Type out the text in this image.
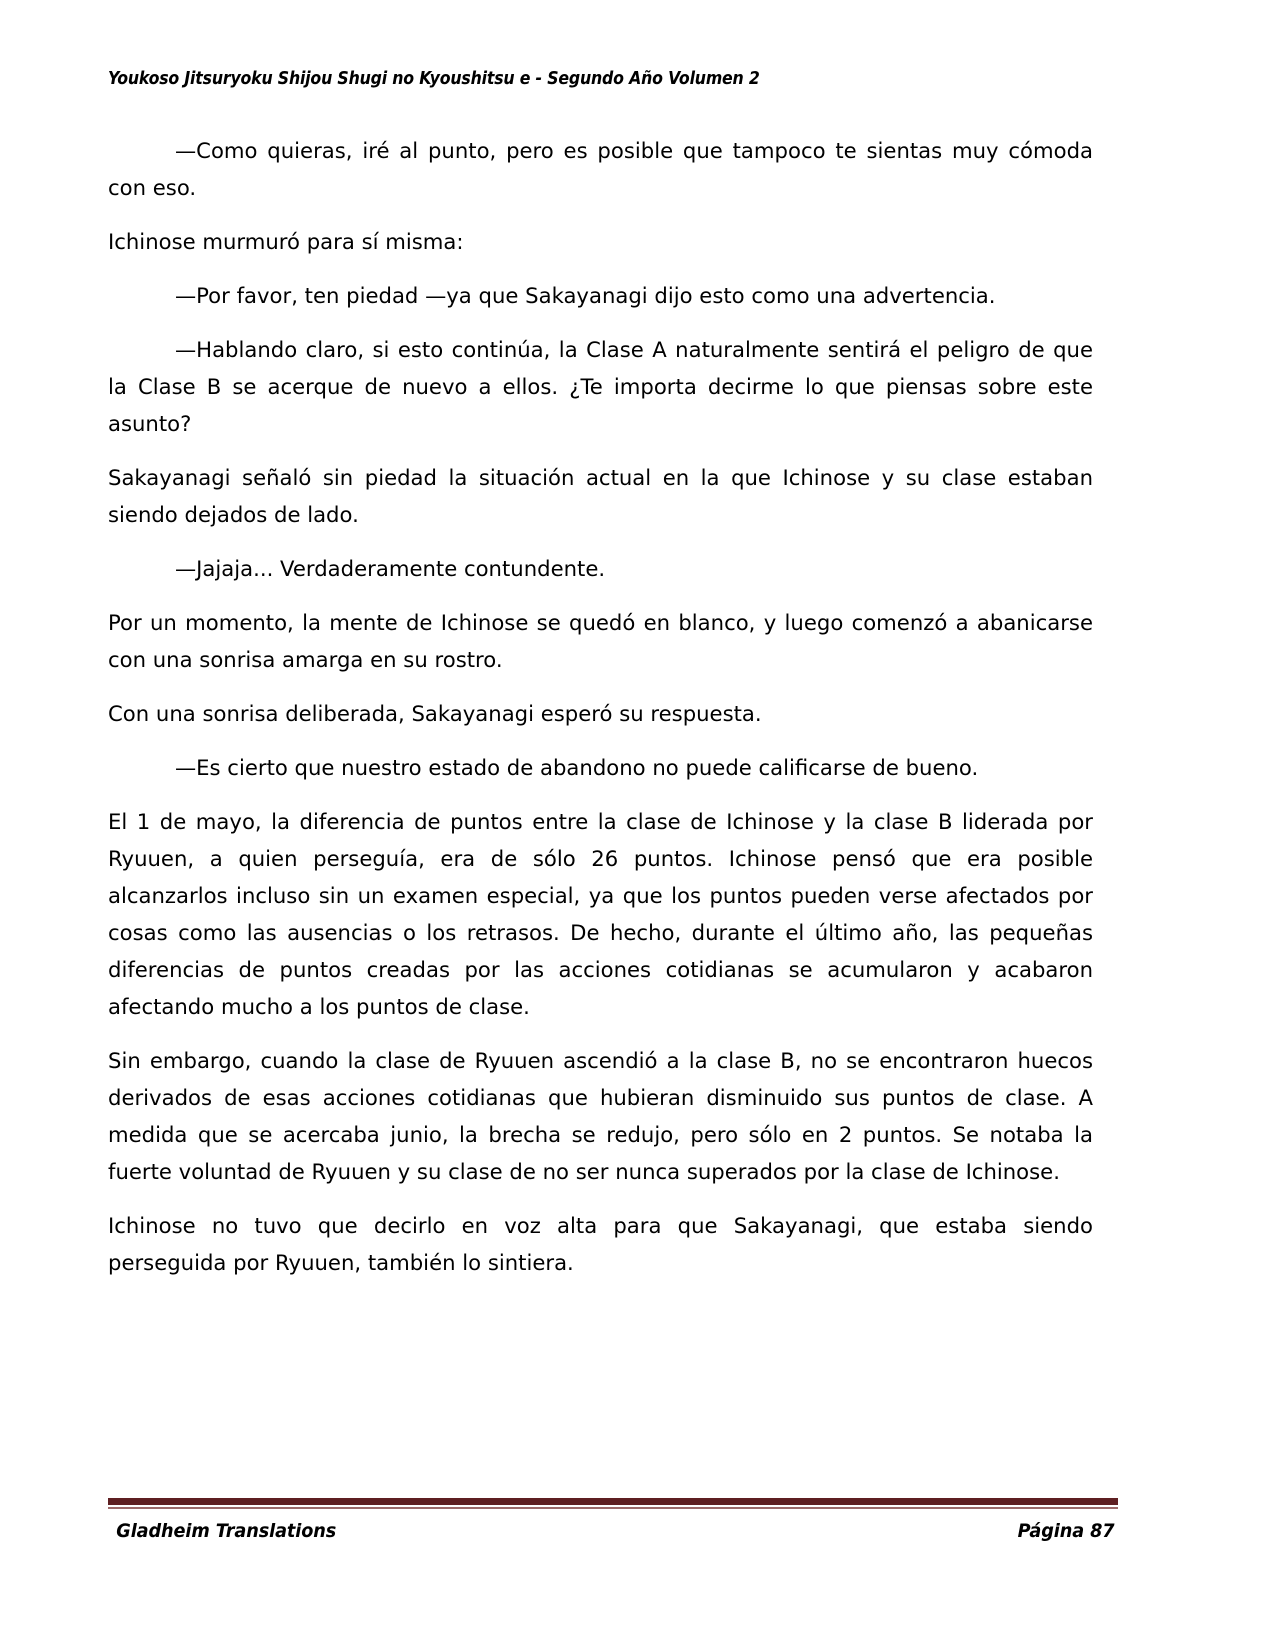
Youkoso Jitsuryoku Shijou Shugi no Kyoushitsu e - Segundo Año Volumen 2

—Como quieras, iré al punto, pero es posible que tampoco te sientas muy cómoda con eso.

Ichinose murmuró para sí misma:

—Por favor, ten piedad —ya que Sakayanagi dijo esto como una advertencia.

—Hablando claro, si esto continúa, la Clase A naturalmente sentirá el peligro de que la Clase B se acerque de nuevo a ellos. ¿Te importa decirme lo que piensas sobre este asunto?

Sakayanagi señaló sin piedad la situación actual en la que Ichinose y su clase estaban siendo dejados de lado.

—Jajaja... Verdaderamente contundente.

Por un momento, la mente de Ichinose se quedó en blanco, y luego comenzó a abanicarse con una sonrisa amarga en su rostro.

Con una sonrisa deliberada, Sakayanagi esperó su respuesta.

—Es cierto que nuestro estado de abandono no puede calificarse de bueno.

El 1 de mayo, la diferencia de puntos entre la clase de Ichinose y la clase B liderada por Ryuuen, a quien perseguía, era de sólo 26 puntos. Ichinose pensó que era posible alcanzarlos incluso sin un examen especial, ya que los puntos pueden verse afectados por cosas como las ausencias o los retrasos. De hecho, durante el último año, las pequeñas diferencias de puntos creadas por las acciones cotidianas se acumularon y acabaron afectando mucho a los puntos de clase.

Sin embargo, cuando la clase de Ryuuen ascendió a la clase B, no se encontraron huecos derivados de esas acciones cotidianas que hubieran disminuido sus puntos de clase. A medida que se acercaba junio, la brecha se redujo, pero sólo en 2 puntos. Se notaba la fuerte voluntad de Ryuuen y su clase de no ser nunca superados por la clase de Ichinose.

Ichinose no tuvo que decirlo en voz alta para que Sakayanagi, que estaba siendo perseguida por Ryuuen, también lo sintiera.

Gladheim Translations	Página 87
